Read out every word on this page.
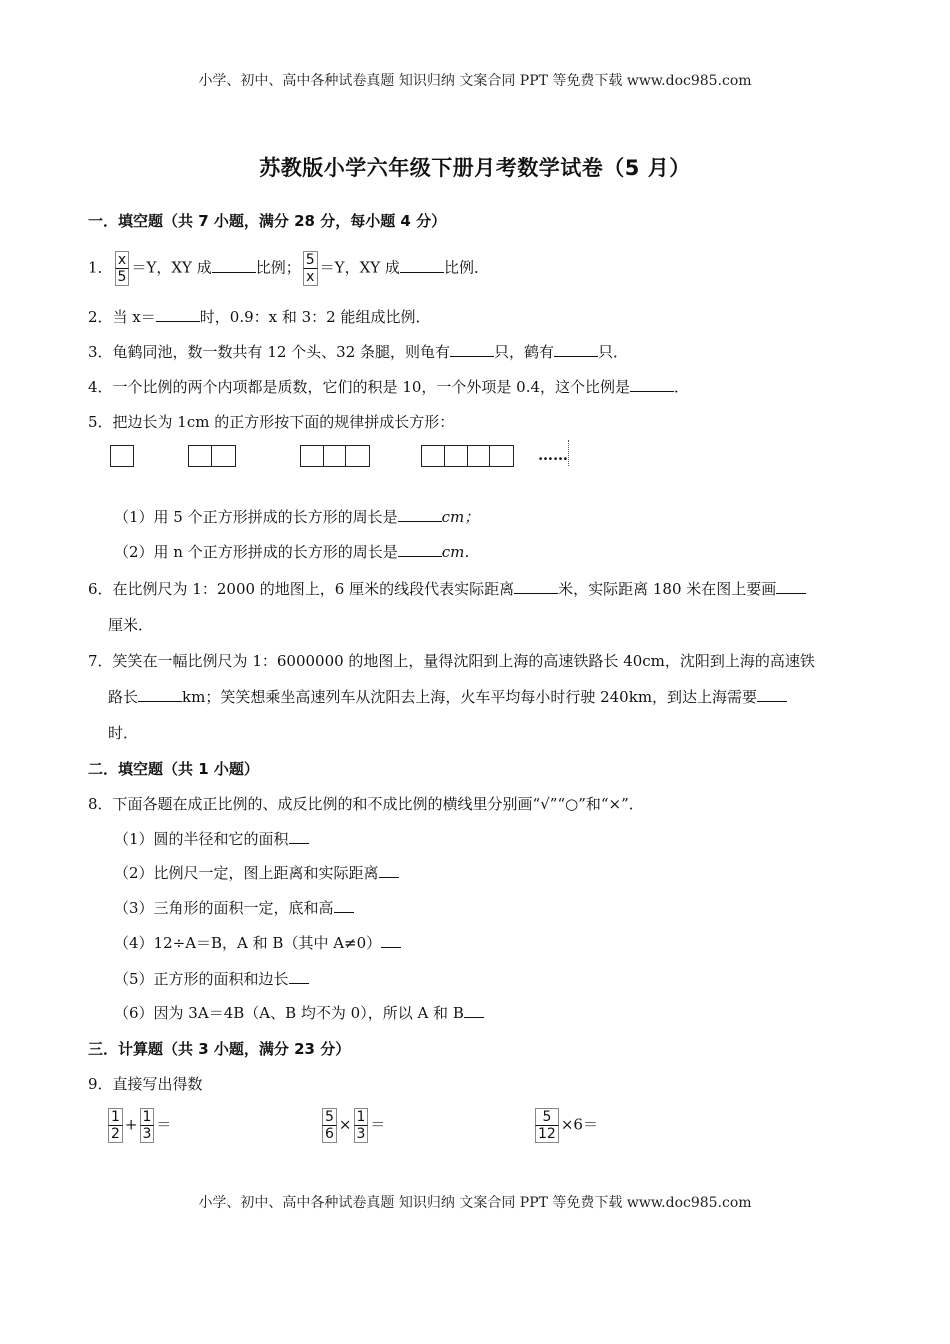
小学、初中、高中各种试卷真题 知识归纳 文案合同 PPT 等免费下载 www.doc985.com
苏教版小学六年级下册月考数学试卷（5 月）
一．填空题（共 7 小题，满分 28 分，每小题 4 分）
1． $\frac{x}{5} =Y$，XY 成	比例； $\frac{5}{x} =Y$，XY 成	比例．
2．当 x＝	时，0.9：x 和 3：2 能组成比例．
3．龟鹤同池，数一数共有 12 个头、32 条腿，则龟有	只，鹤有	只．
4．一个比例的两个内项都是质数，它们的积是 10，一个外项是 0.4，这个比例是	．
5．把边长为 1cm 的正方形按下面的规律拼成长方形：
……
（1）用 5 个正方形拼成的长方形的周长是	cm；
（2）用 n 个正方形拼成的长方形的周长是	cm．
6．在比例尺为 1：2000 的地图上，6 厘米的线段代表实际距离	米，实际距离 180 米在图上要画
厘米．
7．笑笑在一幅比例尺为 1：6000000 的地图上，量得沈阳到上海的高速铁路长 40cm，沈阳到上海的高速铁
路长	km；笑笑想乘坐高速列车从沈阳去上海，火车平均每小时行驶 240km，到达上海需要
时．
二．填空题（共 1 小题）
8．下面各题在成正比例的、成反比例的和不成比例的横线里分别画“√”“○”和“×”．
（1）圆的半径和它的面积
（2）比例尺一定，图上距离和实际距离
（3）三角形的面积一定，底和高
（4）12÷A＝B，A 和 B（其中 A≠0）
（5）正方形的面积和边长
（6）因为 3A＝4B（A、B 均不为 0），所以 A 和 B
三．计算题（共 3 小题，满分 23 分）
9．直接写出得数
$\frac{1}{2} + \frac{1}{3}$ ＝	$\frac{5}{6} \times \frac{1}{3}$ ＝	$\frac{5}{12} \times 6=$
小学、初中、高中各种试卷真题 知识归纳 文案合同 PPT 等免费下载 www.doc985.com
